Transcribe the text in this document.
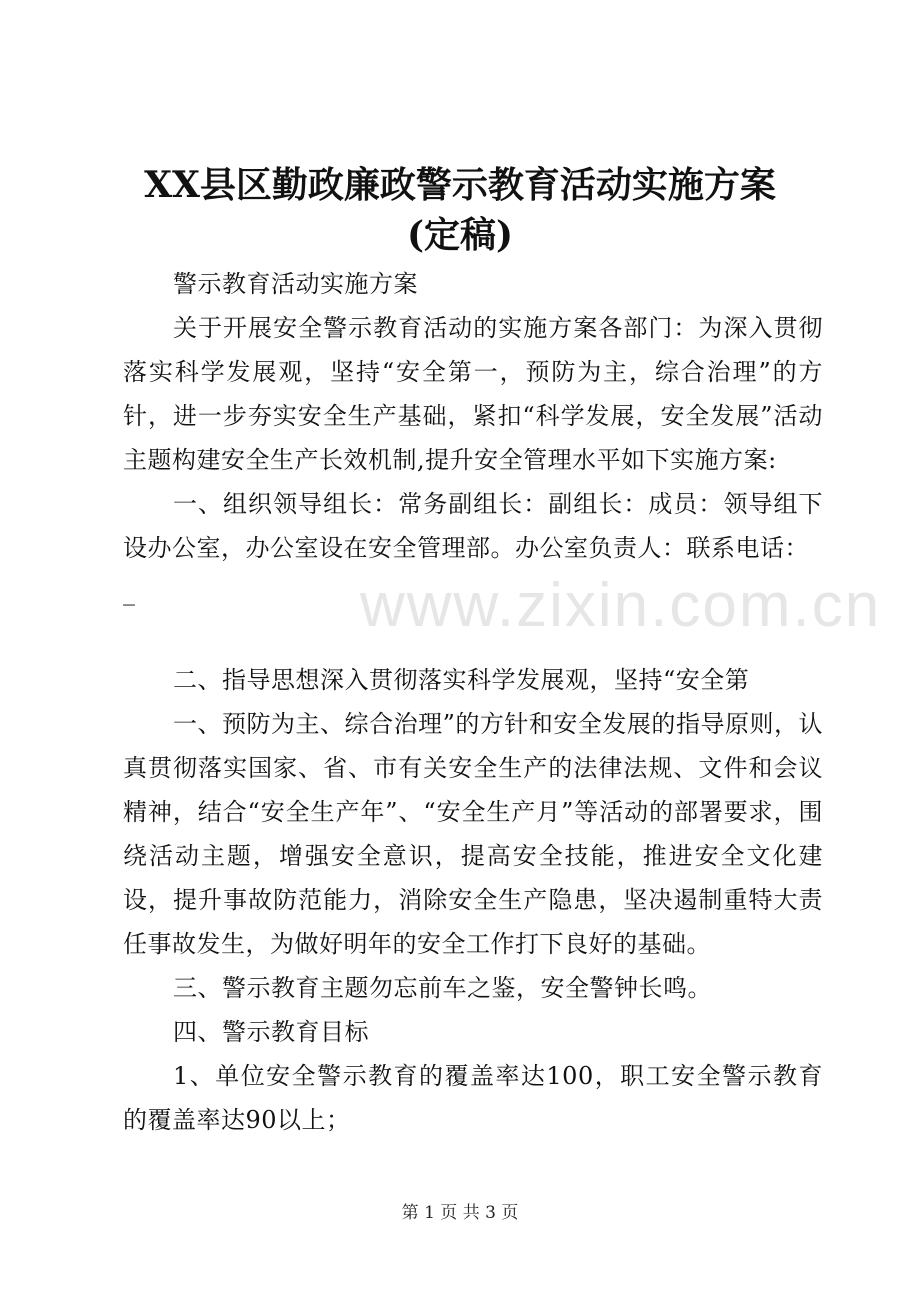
www.zixin.com.cn
XX县区勤政廉政警示教育活动实施方案(定稿)

警示教育活动实施方案

关于开展安全警示教育活动的实施方案各部门：为深入贯彻落实科学发展观，坚持“安全第一，预防为主，综合治理”的方针，进一步夯实安全生产基础，紧扣“科学发展，安全发展”活动主题构建安全生产长效机制,提升安全管理水平如下实施方案:

一、组织领导组长：常务副组长：副组长：成员：领导组下设办公室，办公室设在安全管理部。办公室负责人：联系电话：

_

二、指导思想深入贯彻落实科学发展观，坚持“安全第

一、预防为主、综合治理”的方针和安全发展的指导原则，认真贯彻落实国家、省、市有关安全生产的法律法规、文件和会议精神，结合“安全生产年”、“安全生产月”等活动的部署要求，围绕活动主题，增强安全意识，提高安全技能，推进安全文化建设，提升事故防范能力，消除安全生产隐患，坚决遏制重特大责任事故发生，为做好明年的安全工作打下良好的基础。

三、警示教育主题勿忘前车之鉴，安全警钟长鸣。

四、警示教育目标

1、单位安全警示教育的覆盖率达100，职工安全警示教育的覆盖率达90以上；

第 1 页 共 3 页
